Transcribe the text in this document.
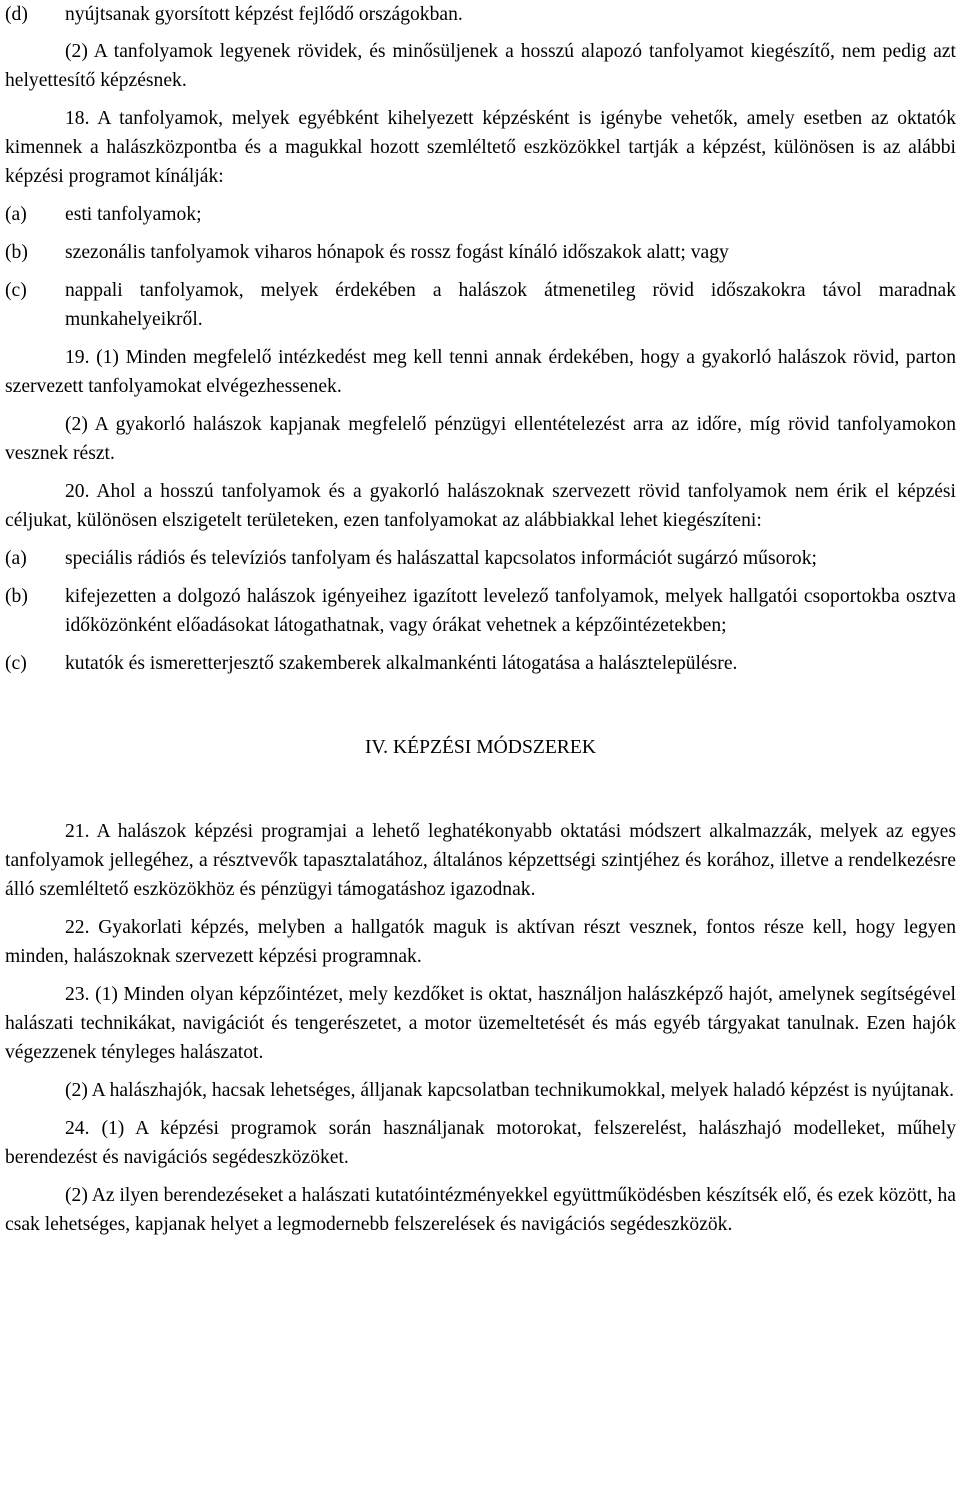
(d)	nyújtsanak gyorsított képzést fejlődő országokban.

(2) A tanfolyamok legyenek rövidek, és minősüljenek a hosszú alapozó tanfolyamot kiegészítő, nem pedig azt helyettesítő képzésnek.

18. A tanfolyamok, melyek egyébként kihelyezett képzésként is igénybe vehetők, amely esetben az oktatók kimennek a halászközpontba és a magukkal hozott szemléltető eszközökkel tartják a képzést, különösen is az alábbi képzési programot kínálják:

(a)	esti tanfolyamok;
(b)	szezonális tanfolyamok viharos hónapok és rossz fogást kínáló időszakok alatt; vagy
(c)	nappali tanfolyamok, melyek érdekében a halászok átmenetileg rövid időszakokra távol maradnak munkahelyeikről.

19. (1) Minden megfelelő intézkedést meg kell tenni annak érdekében, hogy a gyakorló halászok rövid, parton szervezett tanfolyamokat elvégezhessenek.

(2) A gyakorló halászok kapjanak megfelelő pénzügyi ellentételezést arra az időre, míg rövid tanfolyamokon vesznek részt.

20. Ahol a hosszú tanfolyamok és a gyakorló halászoknak szervezett rövid tanfolyamok nem érik el képzési céljukat, különösen elszigetelt területeken, ezen tanfolyamokat az alábbiakkal lehet kiegészíteni:

(a)	speciális rádiós és televíziós tanfolyam és halászattal kapcsolatos információt sugárzó műsorok;
(b)	kifejezetten a dolgozó halászok igényeihez igazított levelező tanfolyamok, melyek hallgatói csoportokba osztva időközönként előadásokat látogathatnak, vagy órákat vehetnek a képzőintézetekben;
(c)	kutatók és ismeretterjesztő szakemberek alkalmankénti látogatása a halásztelepülésre.

IV. KÉPZÉSI MÓDSZEREK

21. A halászok képzési programjai a lehető leghatékonyabb oktatási módszert alkalmazzák, melyek az egyes tanfolyamok jellegéhez, a résztvevők tapasztalatához, általános képzettségi szintjéhez és korához, illetve a rendelkezésre álló szemléltető eszközökhöz és pénzügyi támogatáshoz igazodnak.

22. Gyakorlati képzés, melyben a hallgatók maguk is aktívan részt vesznek, fontos része kell, hogy legyen minden, halászoknak szervezett képzési programnak.

23. (1) Minden olyan képzőintézet, mely kezdőket is oktat, használjon halászképző hajót, amelynek segítségével halászati technikákat, navigációt és tengerészetet, a motor üzemeltetését és más egyéb tárgyakat tanulnak. Ezen hajók végezzenek tényleges halászatot.

(2) A halászhajók, hacsak lehetséges, álljanak kapcsolatban technikumokkal, melyek haladó képzést is nyújtanak.

24. (1) A képzési programok során használjanak motorokat, felszerelést, halászhajó modelleket, műhely berendezést és navigációs segédeszközöket.

(2) Az ilyen berendezéseket a halászati kutatóintézményekkel együttműködésben készítsék elő, és ezek között, ha csak lehetséges, kapjanak helyet a legmodernebb felszerelések és navigációs segédeszközök.
